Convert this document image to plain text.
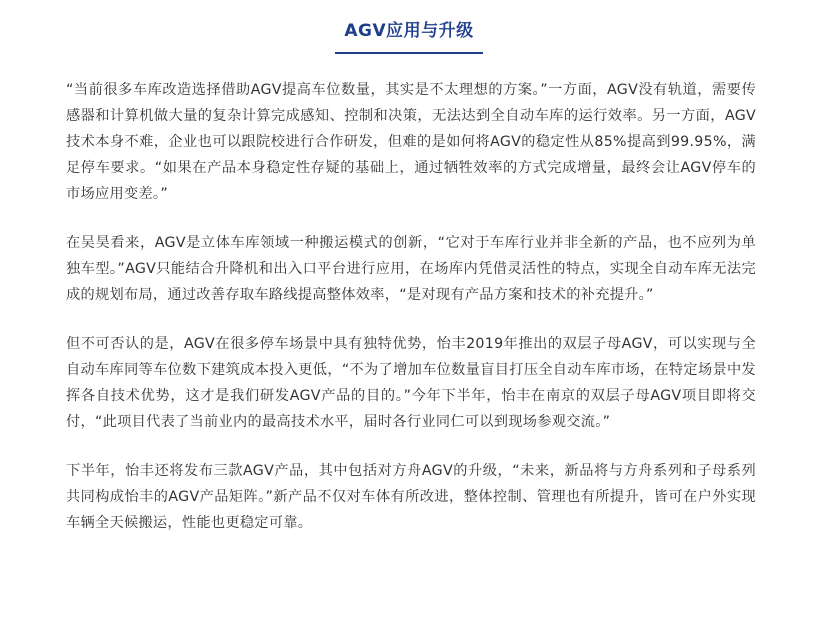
AGV应用与升级

“当前很多车库改造选择借助AGV提高车位数量，其实是不太理想的方案。”一方面，AGV没有轨道，需要传感器和计算机做大量的复杂计算完成感知、控制和决策，无法达到全自动车库的运行效率。另一方面，AGV技术本身不难，企业也可以跟院校进行合作研发，但难的是如何将AGV的稳定性从85%提高到99.95%，满足停车要求。“如果在产品本身稳定性存疑的基础上，通过牺牲效率的方式完成增量，最终会让AGV停车的市场应用变差。”

在吴昊看来，AGV是立体车库领域一种搬运模式的创新，“它对于车库行业并非全新的产品，也不应列为单独车型。”AGV只能结合升降机和出入口平台进行应用，在场库内凭借灵活性的特点，实现全自动车库无法完成的规划布局，通过改善存取车路线提高整体效率，“是对现有产品方案和技术的补充提升。”

但不可否认的是，AGV在很多停车场景中具有独特优势，怡丰2019年推出的双层子母AGV，可以实现与全自动车库同等车位数下建筑成本投入更低，“不为了增加车位数量盲目打压全自动车库市场，在特定场景中发挥各自技术优势，这才是我们研发AGV产品的目的。”今年下半年，怡丰在南京的双层子母AGV项目即将交付，“此项目代表了当前业内的最高技术水平，届时各行业同仁可以到现场参观交流。”

下半年，怡丰还将发布三款AGV产品，其中包括对方舟AGV的升级，“未来，新品将与方舟系列和子母系列共同构成怡丰的AGV产品矩阵。”新产品不仅对车体有所改进，整体控制、管理也有所提升，皆可在户外实现车辆全天候搬运，性能也更稳定可靠。
